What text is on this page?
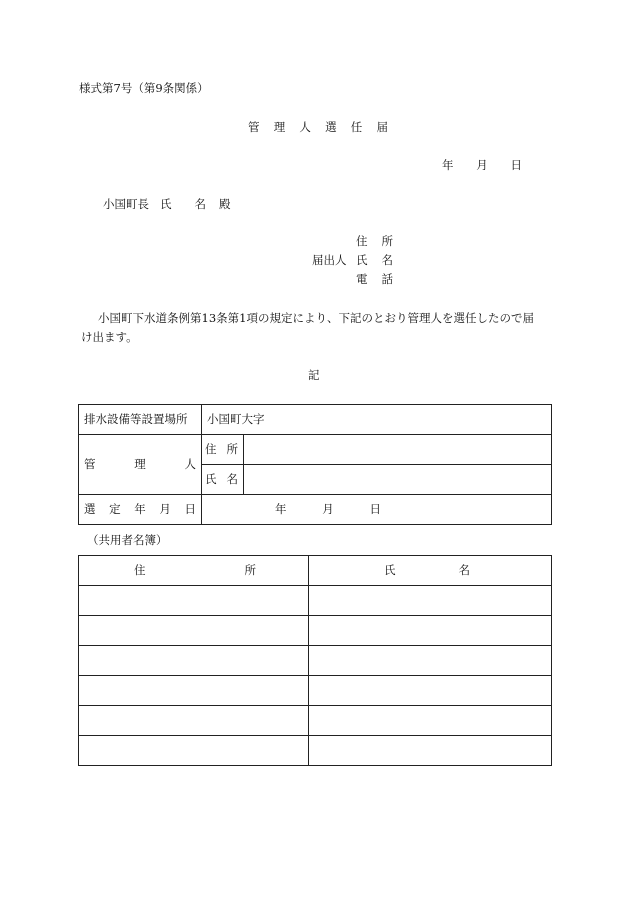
様式第7号（第9条関係）
管 理 人 選 任 届
年 月 日
小国町長 氏 名 殿
住 所
届出人 氏 名
電 話
小国町下水道条例第13条第1項の規定により、下記のとおり管理人を選任したので届
け出ます。
記
排水設備等設置場所	小国町大字	

管 理 人	住 所	

	氏 名	

選 定 年 月 日	年 月 日	
（共用者名簿）
住 所	氏 名
